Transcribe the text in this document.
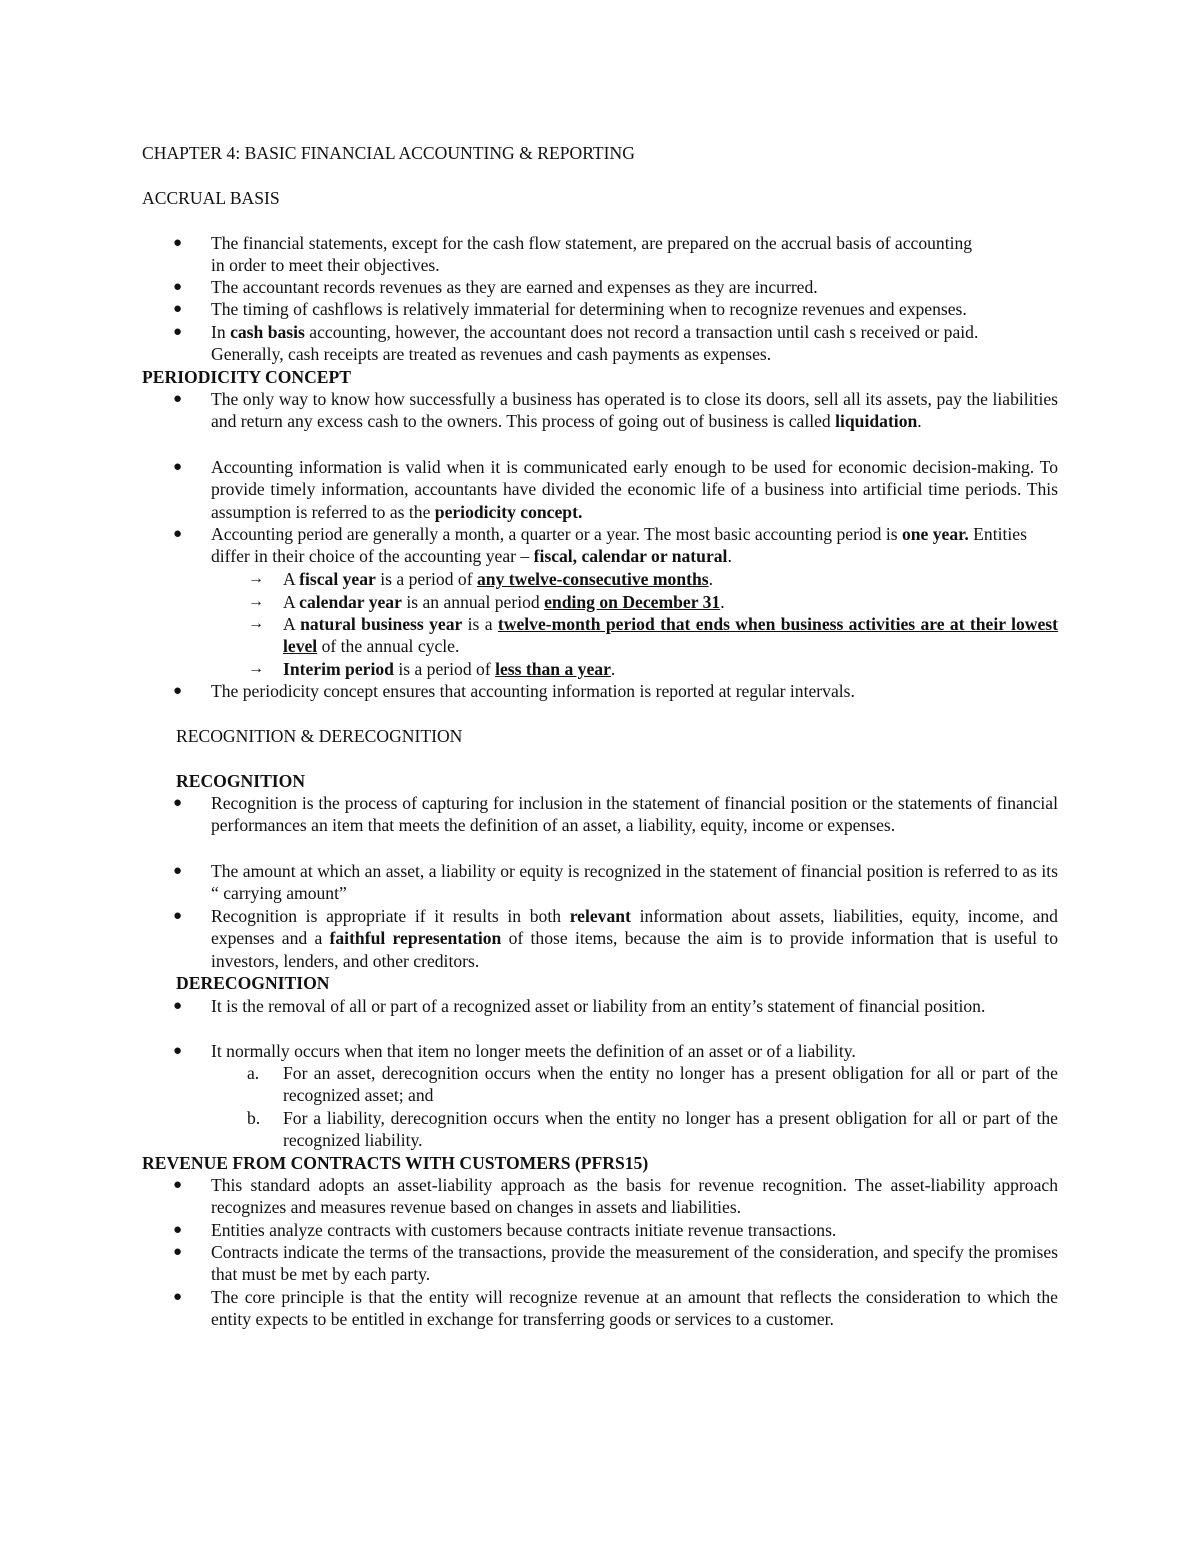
CHAPTER 4: BASIC FINANCIAL ACCOUNTING & REPORTING

ACCRUAL BASIS

● The financial statements, except for the cash flow statement, are prepared on the accrual basis of accounting in order to meet their objectives.

● The accountant records revenues as they are earned and expenses as they are incurred.

● The timing of cashflows is relatively immaterial for determining when to recognize revenues and expenses.

● In cash basis accounting, however, the accountant does not record a transaction until cash s received or paid. Generally, cash receipts are treated as revenues and cash payments as expenses.

PERIODICITY CONCEPT

● The only way to know how successfully a business has operated is to close its doors, sell all its assets, pay the liabilities and return any excess cash to the owners. This process of going out of business is called liquidation.

● Accounting information is valid when it is communicated early enough to be used for economic decision-making. To provide timely information, accountants have divided the economic life of a business into artificial time periods. This assumption is referred to as the periodicity concept.

● Accounting period are generally a month, a quarter or a year. The most basic accounting period is one year. Entities differ in their choice of the accounting year – fiscal, calendar or natural.

→ A fiscal year is a period of any twelve-consecutive months.

→ A calendar year is an annual period ending on December 31.

→ A natural business year is a twelve-month period that ends when business activities are at their lowest level of the annual cycle.

→ Interim period is a period of less than a year.

● The periodicity concept ensures that accounting information is reported at regular intervals.

RECOGNITION & DERECOGNITION

RECOGNITION

● Recognition is the process of capturing for inclusion in the statement of financial position or the statements of financial performances an item that meets the definition of an asset, a liability, equity, income or expenses.

● The amount at which an asset, a liability or equity is recognized in the statement of financial position is referred to as its “ carrying amount”

● Recognition is appropriate if it results in both relevant information about assets, liabilities, equity, income, and expenses and a faithful representation of those items, because the aim is to provide information that is useful to investors, lenders, and other creditors.

DERECOGNITION

● It is the removal of all or part of a recognized asset or liability from an entity’s statement of financial position.

● It normally occurs when that item no longer meets the definition of an asset or of a liability.

a. For an asset, derecognition occurs when the entity no longer has a present obligation for all or part of the recognized asset; and

b. For a liability, derecognition occurs when the entity no longer has a present obligation for all or part of the recognized liability.

REVENUE FROM CONTRACTS WITH CUSTOMERS (PFRS15)

● This standard adopts an asset-liability approach as the basis for revenue recognition. The asset-liability approach recognizes and measures revenue based on changes in assets and liabilities.

● Entities analyze contracts with customers because contracts initiate revenue transactions.

● Contracts indicate the terms of the transactions, provide the measurement of the consideration, and specify the promises that must be met by each party.

● The core principle is that the entity will recognize revenue at an amount that reflects the consideration to which the entity expects to be entitled in exchange for transferring goods or services to a customer.
